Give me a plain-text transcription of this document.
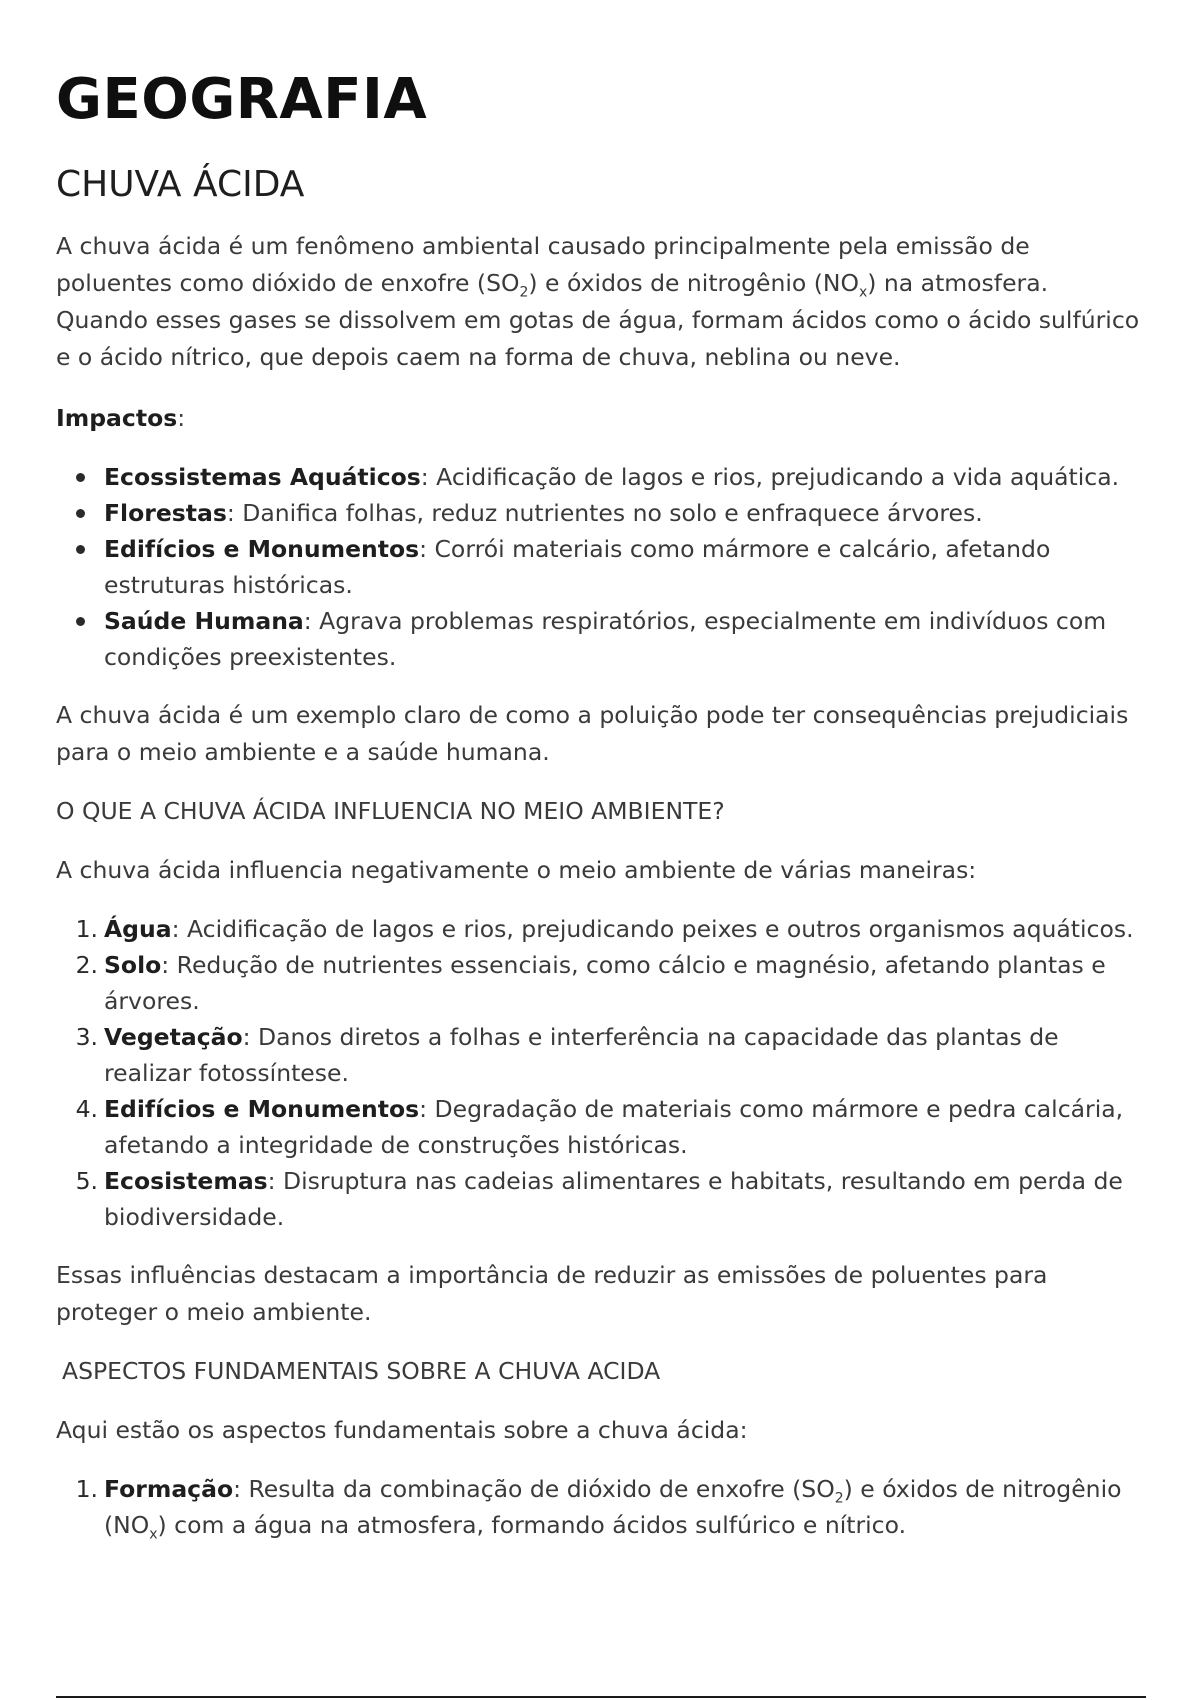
GEOGRAFIA
CHUVA ÁCIDA

A chuva ácida é um fenômeno ambiental causado principalmente pela emissão de poluentes como dióxido de enxofre $(SO_2)$ e óxidos de nitrogênio $(NO_x)$ na atmosfera. Quando esses gases se dissolvem em gotas de água, formam ácidos como o ácido sulfúrico e o ácido nítrico, que depois caem na forma de chuva, neblina ou neve.

Impactos:

Ecossistemas Aquáticos: Acidificação de lagos e rios, prejudicando a vida aquática.
Florestas: Danifica folhas, reduz nutrientes no solo e enfraquece árvores.
Edifícios e Monumentos: Corrói materiais como mármore e calcário, afetando estruturas históricas.
Saúde Humana: Agrava problemas respiratórios, especialmente em indivíduos com condições preexistentes.

A chuva ácida é um exemplo claro de como a poluição pode ter consequências prejudiciais para o meio ambiente e a saúde humana.

O QUE A CHUVA ÁCIDA INFLUENCIA NO MEIO AMBIENTE?

A chuva ácida influencia negativamente o meio ambiente de várias maneiras:

1. Água: Acidificação de lagos e rios, prejudicando peixes e outros organismos aquáticos.
2. Solo: Redução de nutrientes essenciais, como cálcio e magnésio, afetando plantas e árvores.
3. Vegetação: Danos diretos a folhas e interferência na capacidade das plantas de realizar fotossíntese.
4. Edifícios e Monumentos: Degradação de materiais como mármore e pedra calcária, afetando a integridade de construções históricas.
5. Ecosistemas: Disruptura nas cadeias alimentares e habitats, resultando em perda de biodiversidade.

Essas influências destacam a importância de reduzir as emissões de poluentes para proteger o meio ambiente.

ASPECTOS FUNDAMENTAIS SOBRE A CHUVA ACIDA

Aqui estão os aspectos fundamentais sobre a chuva ácida:

1. Formação: Resulta da combinação de dióxido de enxofre $(SO_2)$ e óxidos de nitrogênio $(NO_x)$ com a água na atmosfera, formando ácidos sulfúrico e nítrico.
